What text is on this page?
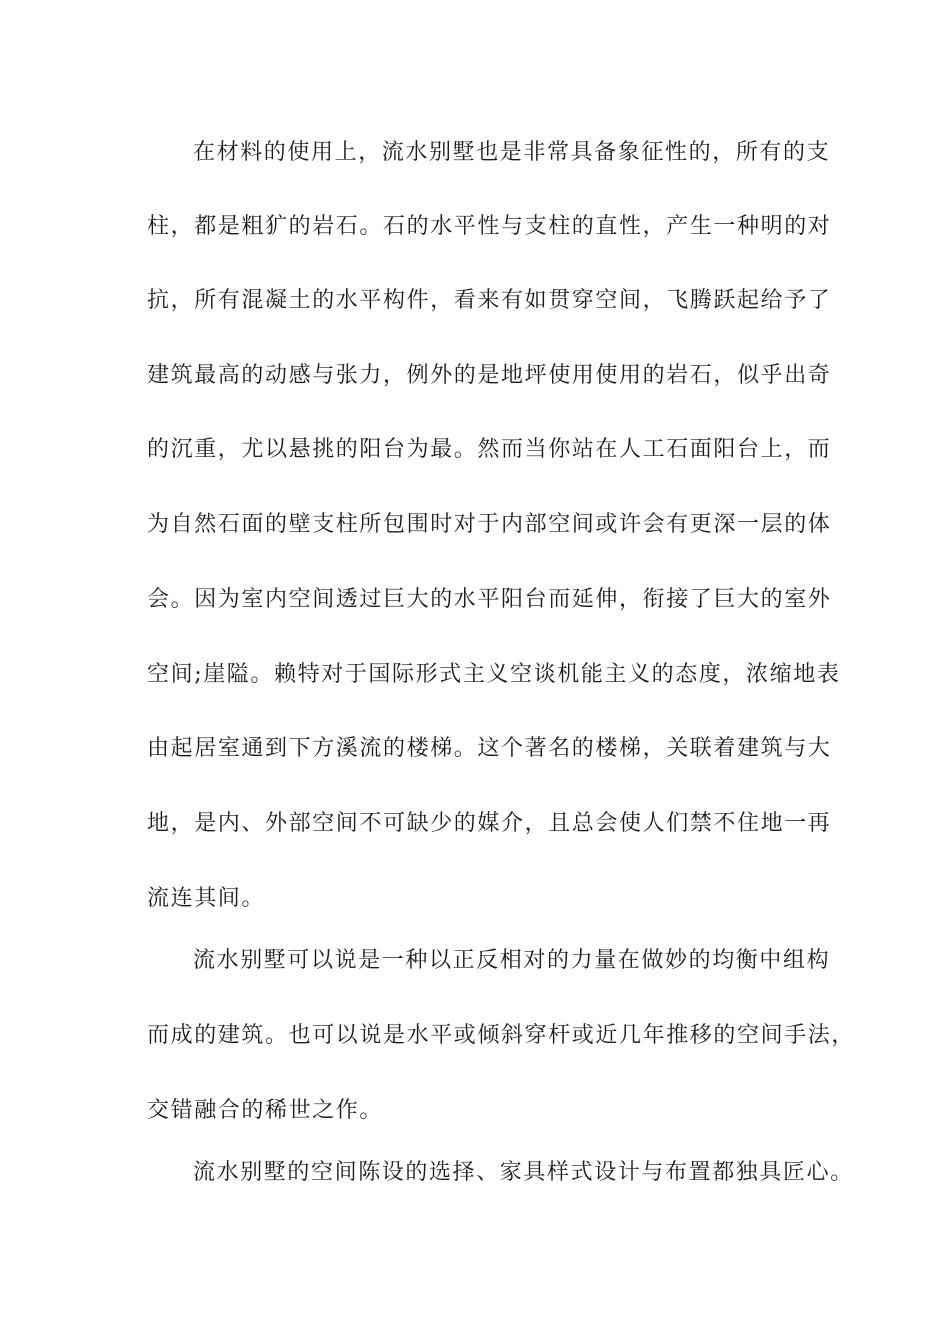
在材料的使用上，流水别墅也是非常具备象征性的，所有的支
柱，都是粗犷的岩石。石的水平性与支柱的直性，产生一种明的对
抗，所有混凝土的水平构件，看来有如贯穿空间，飞腾跃起给予了
建筑最高的动感与张力，例外的是地坪使用使用的岩石，似乎出奇
的沉重，尤以悬挑的阳台为最。然而当你站在人工石面阳台上，而
为自然石面的壁支柱所包围时对于内部空间或许会有更深一层的体
会。因为室内空间透过巨大的水平阳台而延伸，衔接了巨大的室外
空间;崖隘。赖特对于国际形式主义空谈机能主义的态度，浓缩地表
由起居室通到下方溪流的楼梯。这个著名的楼梯，关联着建筑与大
地，是内、外部空间不可缺少的媒介，且总会使人们禁不住地一再
流连其间。
流水别墅可以说是一种以正反相对的力量在做妙的均衡中组构
而成的建筑。也可以说是水平或倾斜穿杆或近几年推移的空间手法，
交错融合的稀世之作。
流水别墅的空间陈设的选择、家具样式设计与布置都独具匠心。
